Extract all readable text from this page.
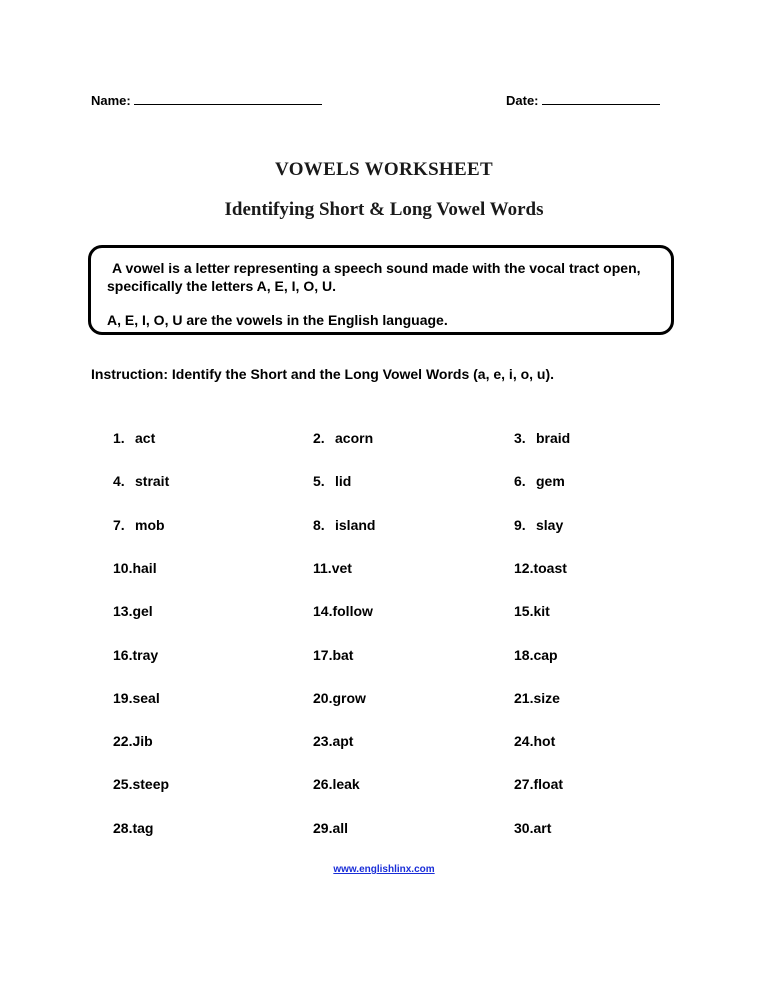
Name:	Date:
VOWELS WORKSHEET
Identifying Short & Long Vowel Words

A vowel is a letter representing a speech sound made with the vocal tract open, specifically the letters A, E, I, O, U.

A, E, I, O, U are the vowels in the English language.

Instruction: Identify the Short and the Long Vowel Words (a, e, i, o, u).
1. act	2. acorn	3. braid
4. strait	5. lid	6. gem
7. mob	8. island	9. slay
10.hail	11.vet	12.toast
13.gel	14.follow	15.kit
16.tray	17.bat	18.cap
19.seal	20.grow	21.size
22.Jib	23.apt	24.hot
25.steep	26.leak	27.float
28.tag	29.all	30.art
www.englishlinx.com
